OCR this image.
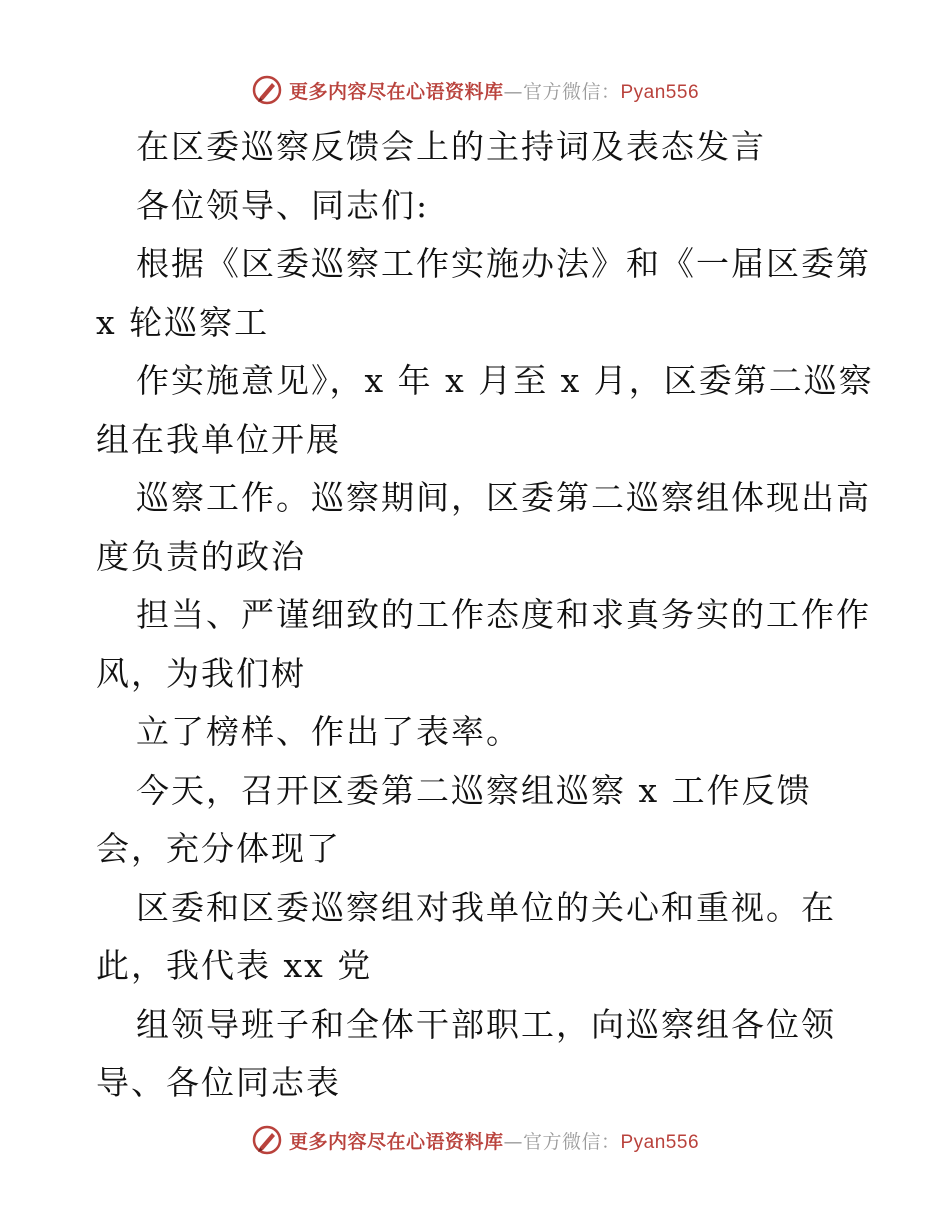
更多内容尽在心语资料库—官方微信：Pyan556
在区委巡察反馈会上的主持词及表态发言
各位领导、同志们:
根据《区委巡察工作实施办法》和《一届区委第
x 轮巡察工
作实施意见》，x 年 x 月至 x 月，区委第二巡察
组在我单位开展
巡察工作。巡察期间，区委第二巡察组体现出高
度负责的政治
担当、严谨细致的工作态度和求真务实的工作作
风，为我们树
立了榜样、作出了表率。
今天，召开区委第二巡察组巡察 x 工作反馈
会，充分体现了
区委和区委巡察组对我单位的关心和重视。在
此，我代表 xx 党
组领导班子和全体干部职工，向巡察组各位领
导、各位同志表
更多内容尽在心语资料库—官方微信：Pyan556
